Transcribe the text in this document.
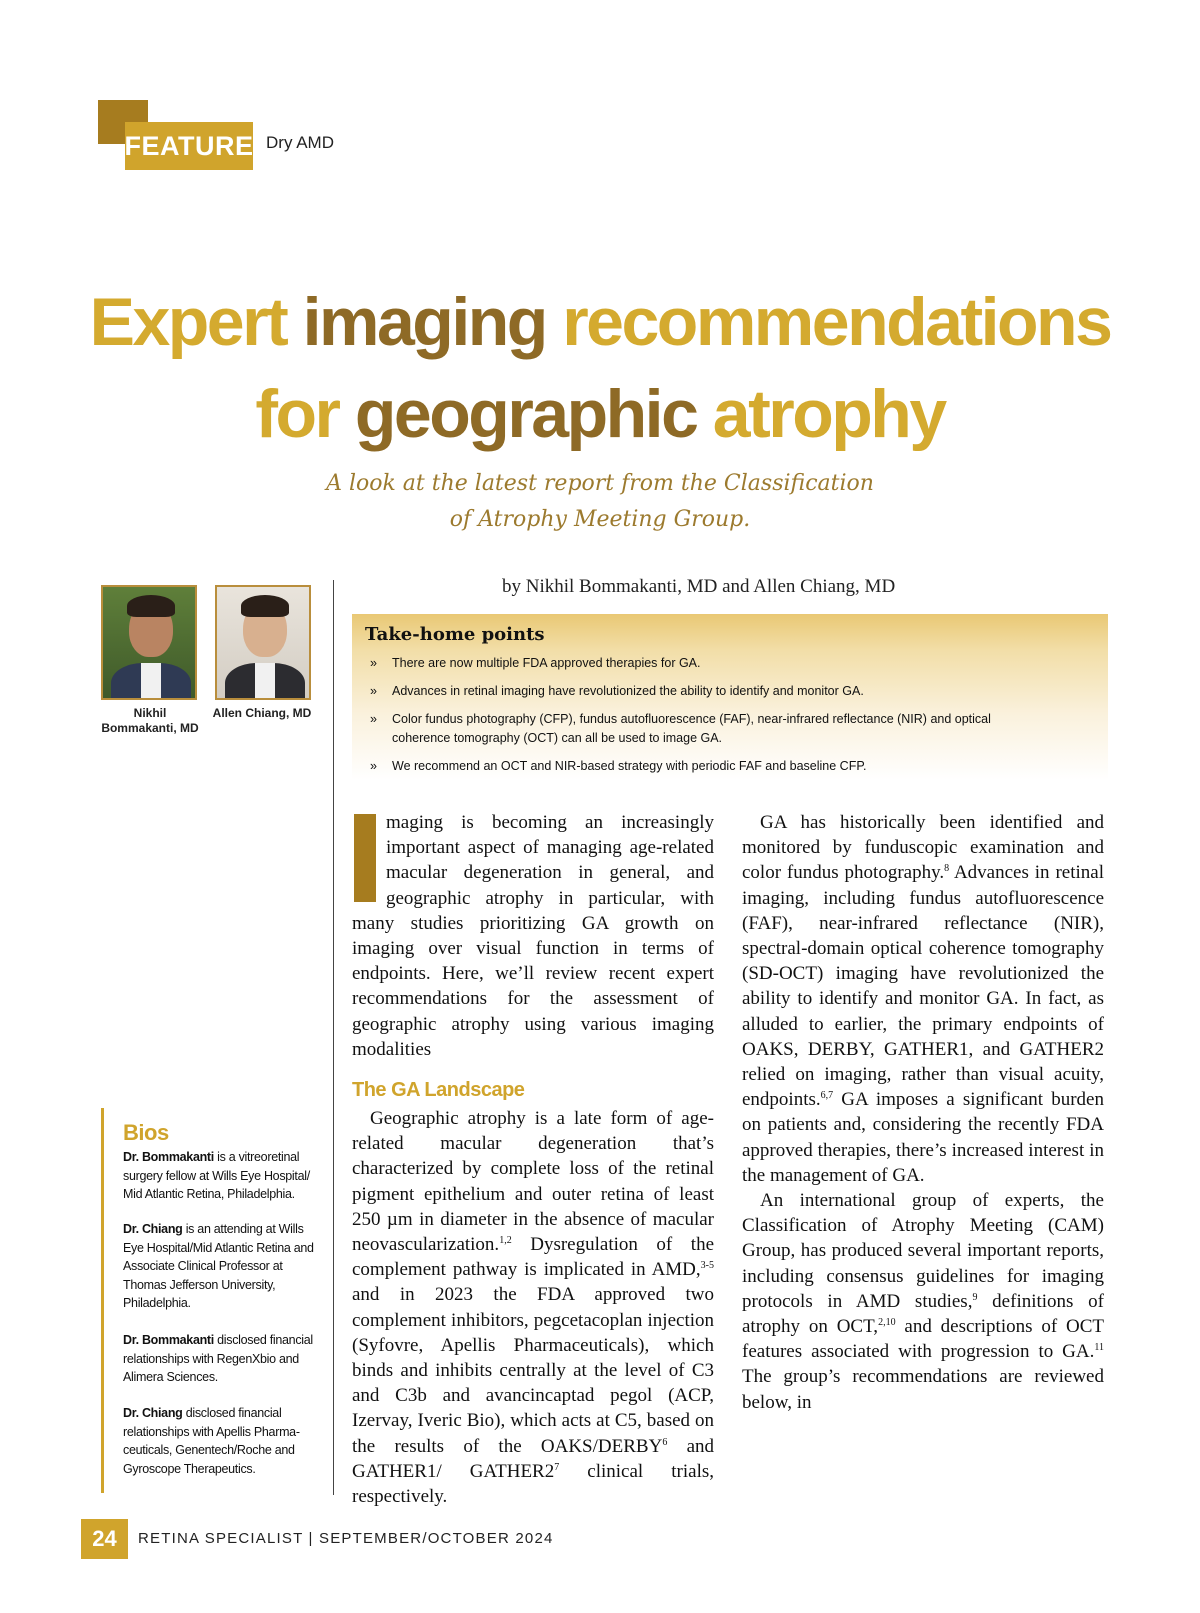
FEATURE Dry AMD
Expert imaging recommendations
for geographic atrophy
A look at the latest report from the Classification
of Atrophy Meeting Group.
by Nikhil Bommakanti, MD and Allen Chiang, MD
Nikhil
Bommakanti, MD
Allen Chiang, MD
Take-home points
» There are now multiple FDA approved therapies for GA.
» Advances in retinal imaging have revolutionized the ability to identify and monitor GA.
» Color fundus photography (CFP), fundus autofluorescence (FAF), near-infrared reflectance (NIR) and optical coherence tomography (OCT) can all be used to image GA.
» We recommend an OCT and NIR-based strategy with periodic FAF and baseline CFP.
Bios
Dr. Bommakanti is a vitreoretinal surgery fellow at Wills Eye Hospital/ Mid Atlantic Retina, Philadelphia.
Dr. Chiang is an attending at Wills Eye Hospital/Mid Atlantic Retina and Associate Clinical Professor at Thomas Jefferson University, Philadelphia.
Dr. Bommakanti disclosed financial relationships with RegenXbio and Alimera Sciences.
Dr. Chiang disclosed financial relationships with Apellis Pharma-ceuticals, Genentech/Roche and Gyroscope Therapeutics.

maging is becoming an increasingly important aspect of managing age-related macular degeneration in general, and geographic atrophy in particular, with many studies prioritizing GA growth on imaging over visual function in terms of endpoints. Here, we’ll review recent expert recommendations for the assessment of geographic atrophy using various imaging modalities

The GA Landscape

Geographic atrophy is a late form of age-related macular degeneration that’s characterized by complete loss of the retinal pigment epithelium and outer retina of least 250 µm in diameter in the absence of macular neovascularization.$^{1,2}$ Dysregulation of the complement pathway is implicated in AMD,$^{3-5}$ and in 2023 the FDA approved two complement inhibitors, pegcetacoplan injection (Syfovre, Apellis Pharmaceuticals), which binds and inhibits centrally at the level of C3 and C3b and avancincaptad pegol (ACP, Izervay, Iveric Bio), which acts at C5, based on the results of the OAKS/DERBY$^6$ and GATHER1/ $GATHER2^7$ clinical trials, respectively.

GA has historically been identified and monitored by funduscopic examination and color fundus photography.$^8$ Advances in retinal imaging, including fundus autofluorescence (FAF), near-infrared reflectance (NIR), spectral-domain optical coherence tomography (SD-OCT) imaging have revolutionized the ability to identify and monitor GA. In fact, as alluded to earlier, the primary endpoints of OAKS, DERBY, GATHER1, and GATHER2 relied on imaging, rather than visual acuity, endpoints.$^{6,7}$ GA imposes a significant burden on patients and, considering the recently FDA approved therapies, there’s increased interest in the management of GA.

An international group of experts, the Classification of Atrophy Meeting (CAM) Group, has produced several important reports, including consensus guidelines for imaging protocols in AMD studies,$^9$ definitions of atrophy on OCT,$^{2,10}$ and descriptions of OCT features associated with progression to GA.$^{11}$ The group’s recommendations are reviewed below, in

24	RETINA SPECIALIST | SEPTEMBER/OCTOBER 2024
